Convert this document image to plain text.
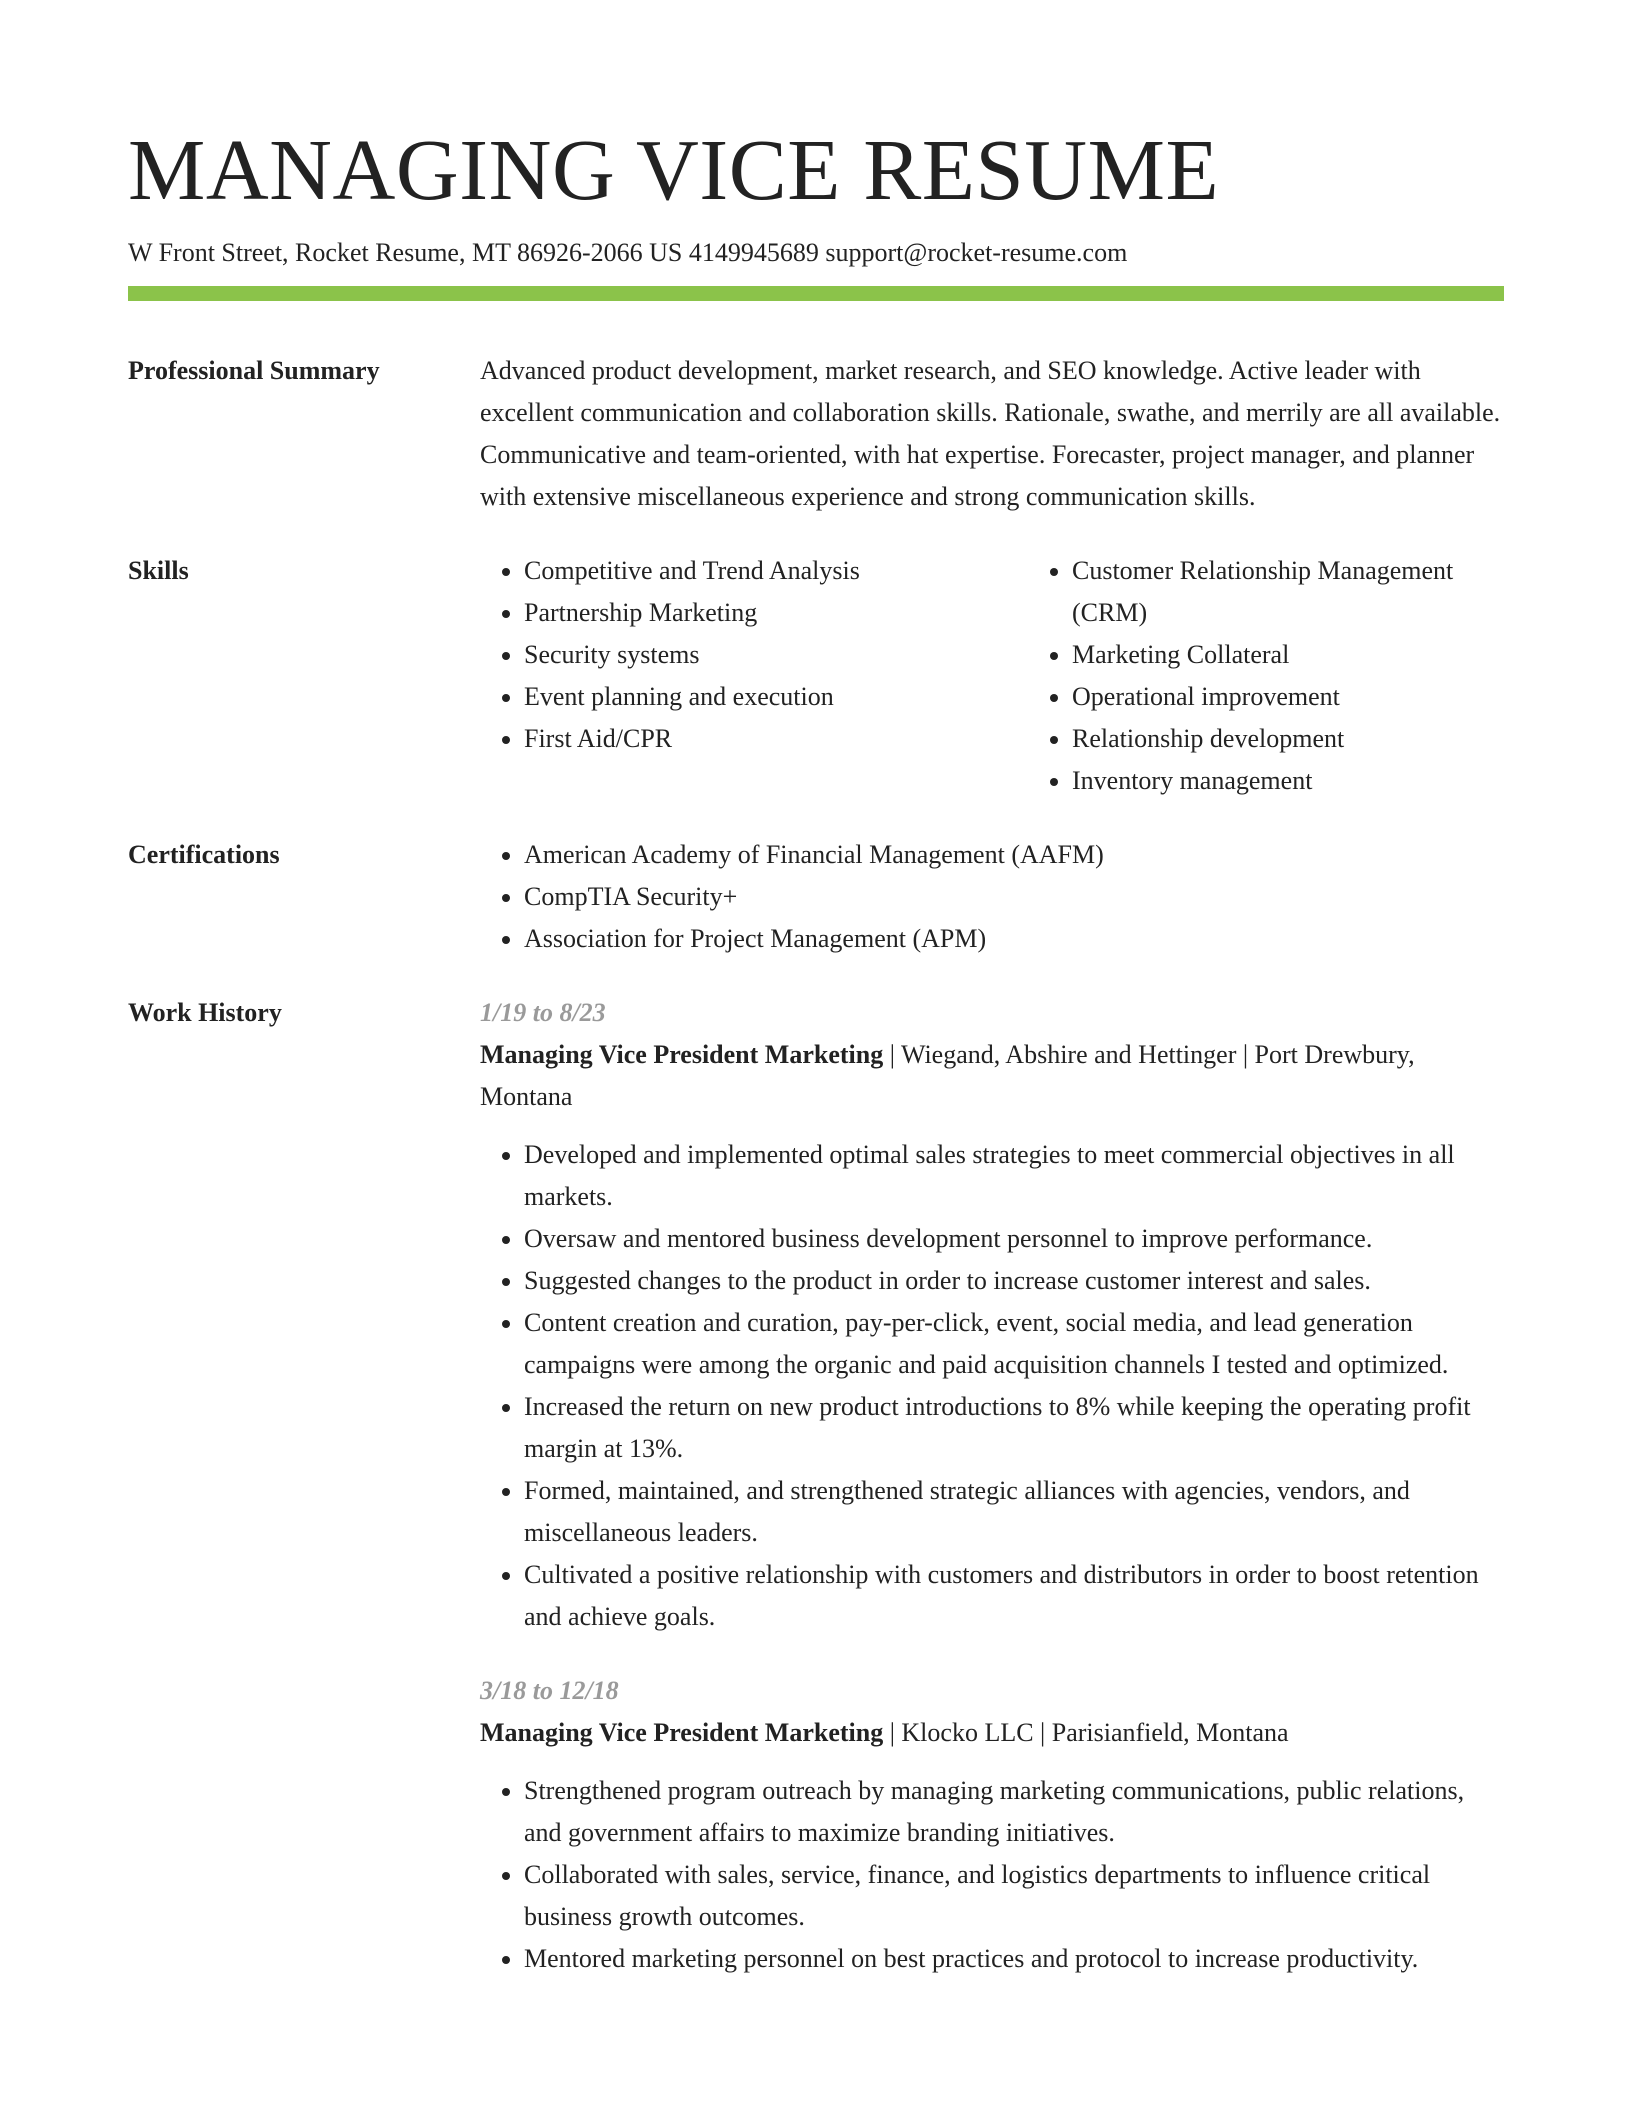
MANAGING VICE RESUME
W Front Street, Rocket Resume, MT 86926-2066 US 4149945689 support@rocket-resume.com
Professional Summary	Advanced product development, market research, and SEO knowledge. Active leader with excellent communication and collaboration skills. Rationale, swathe, and merrily are all available. Communicative and team-oriented, with hat expertise. Forecaster, project manager, and planner with extensive miscellaneous experience and strong communication skills.
Skills	• Competitive and Trend Analysis
• Partnership Marketing
• Security systems
• Event planning and execution
• First Aid/CPR
• Customer Relationship Management (CRM)
• Marketing Collateral
• Operational improvement
• Relationship development
• Inventory management
Certifications	• American Academy of Financial Management (AAFM)
• CompTIA Security+
• Association for Project Management (APM)
Work History	1/19 to 8/23
Managing Vice President Marketing | Wiegand, Abshire and Hettinger | Port Drewbury, Montana
• Developed and implemented optimal sales strategies to meet commercial objectives in all markets.
• Oversaw and mentored business development personnel to improve performance.
• Suggested changes to the product in order to increase customer interest and sales.
• Content creation and curation, pay-per-click, event, social media, and lead generation campaigns were among the organic and paid acquisition channels I tested and optimized.
• Increased the return on new product introductions to 8% while keeping the operating profit margin at 13%.
• Formed, maintained, and strengthened strategic alliances with agencies, vendors, and miscellaneous leaders.
• Cultivated a positive relationship with customers and distributors in order to boost retention and achieve goals.
3/18 to 12/18
Managing Vice President Marketing | Klocko LLC | Parisianfield, Montana
• Strengthened program outreach by managing marketing communications, public relations, and government affairs to maximize branding initiatives.
• Collaborated with sales, service, finance, and logistics departments to influence critical business growth outcomes.
• Mentored marketing personnel on best practices and protocol to increase productivity.
